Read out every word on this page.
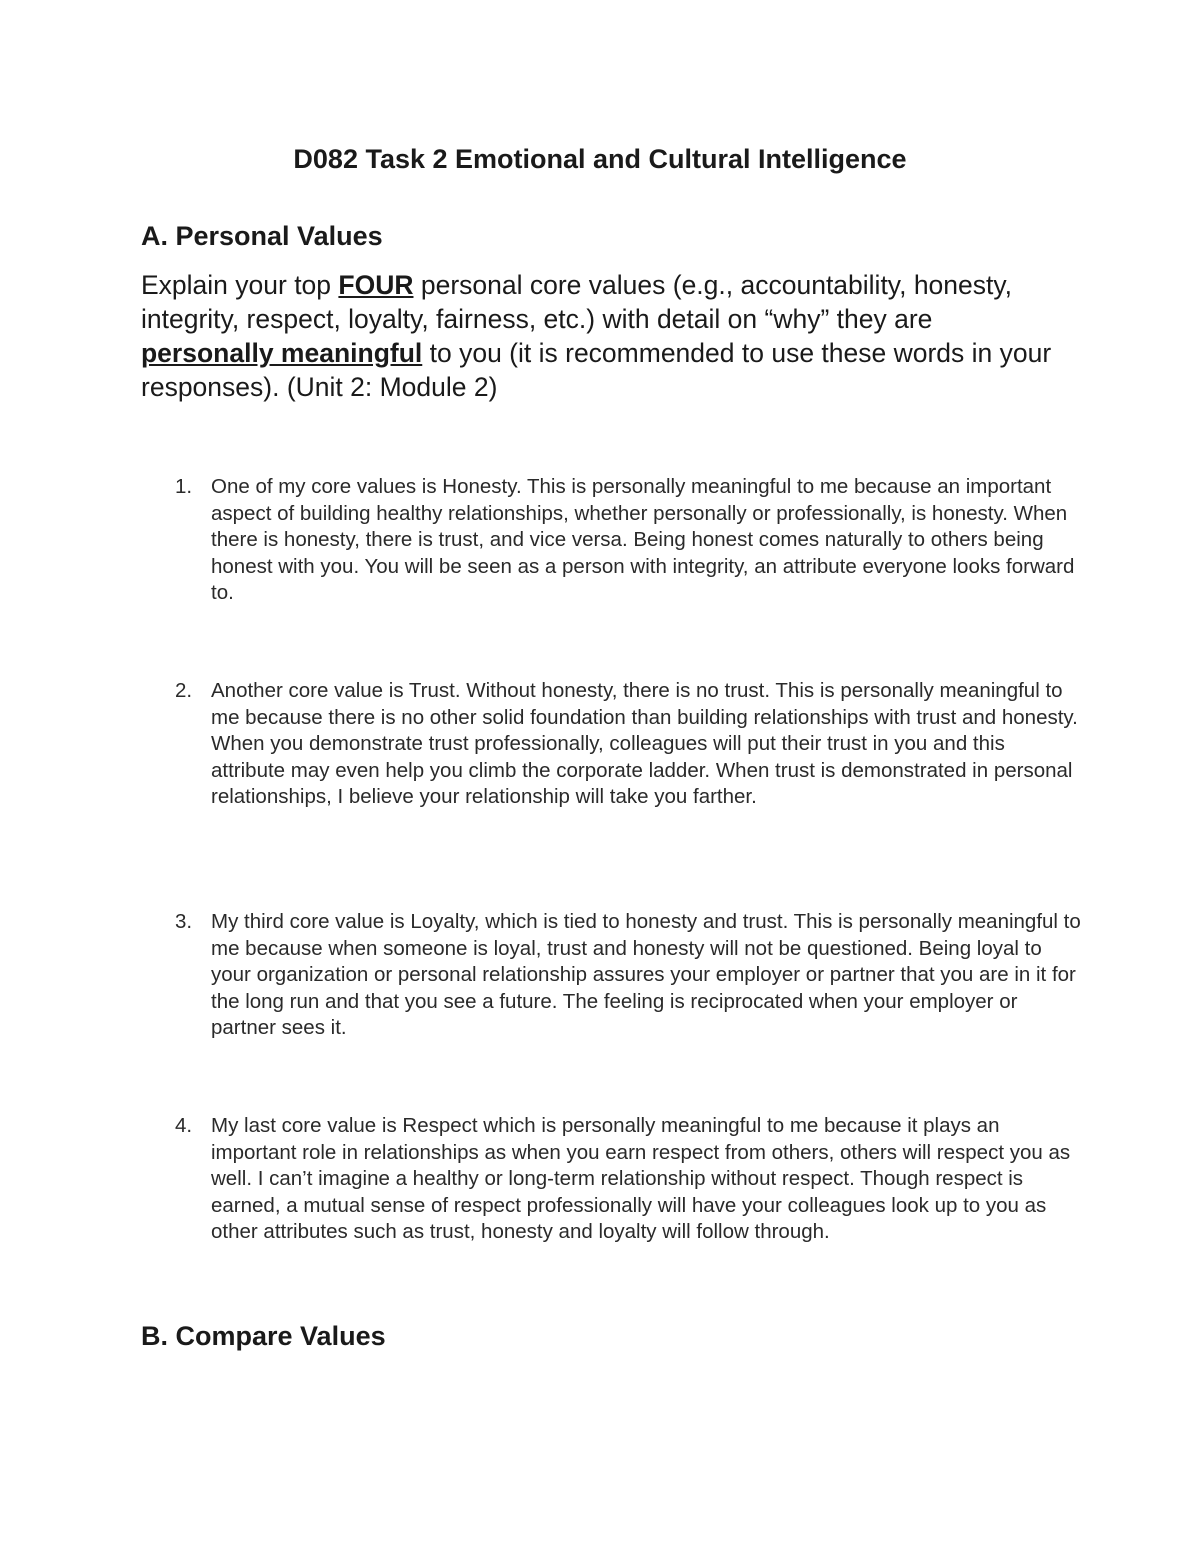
D082 Task 2 Emotional and Cultural Intelligence
A. Personal Values

Explain your top FOUR personal core values (e.g., accountability, honesty, integrity, respect, loyalty, fairness, etc.) with detail on “why” they are personally meaningful to you (it is recommended to use these words in your responses). (Unit 2: Module 2)

1. One of my core values is Honesty. This is personally meaningful to me because an important aspect of building healthy relationships, whether personally or professionally, is honesty. When there is honesty, there is trust, and vice versa. Being honest comes naturally to others being honest with you. You will be seen as a person with integrity, an attribute everyone looks forward to.
2. Another core value is Trust. Without honesty, there is no trust. This is personally meaningful to me because there is no other solid foundation than building relationships with trust and honesty. When you demonstrate trust professionally, colleagues will put their trust in you and this attribute may even help you climb the corporate ladder. When trust is demonstrated in personal relationships, I believe your relationship will take you farther.
3. My third core value is Loyalty, which is tied to honesty and trust. This is personally meaningful to me because when someone is loyal, trust and honesty will not be questioned. Being loyal to your organization or personal relationship assures your employer or partner that you are in it for the long run and that you see a future. The feeling is reciprocated when your employer or partner sees it.
4. My last core value is Respect which is personally meaningful to me because it plays an important role in relationships as when you earn respect from others, others will respect you as well. I can’t imagine a healthy or long-term relationship without respect. Though respect is earned, a mutual sense of respect professionally will have your colleagues look up to you as other attributes such as trust, honesty and loyalty will follow through.
B. Compare Values
